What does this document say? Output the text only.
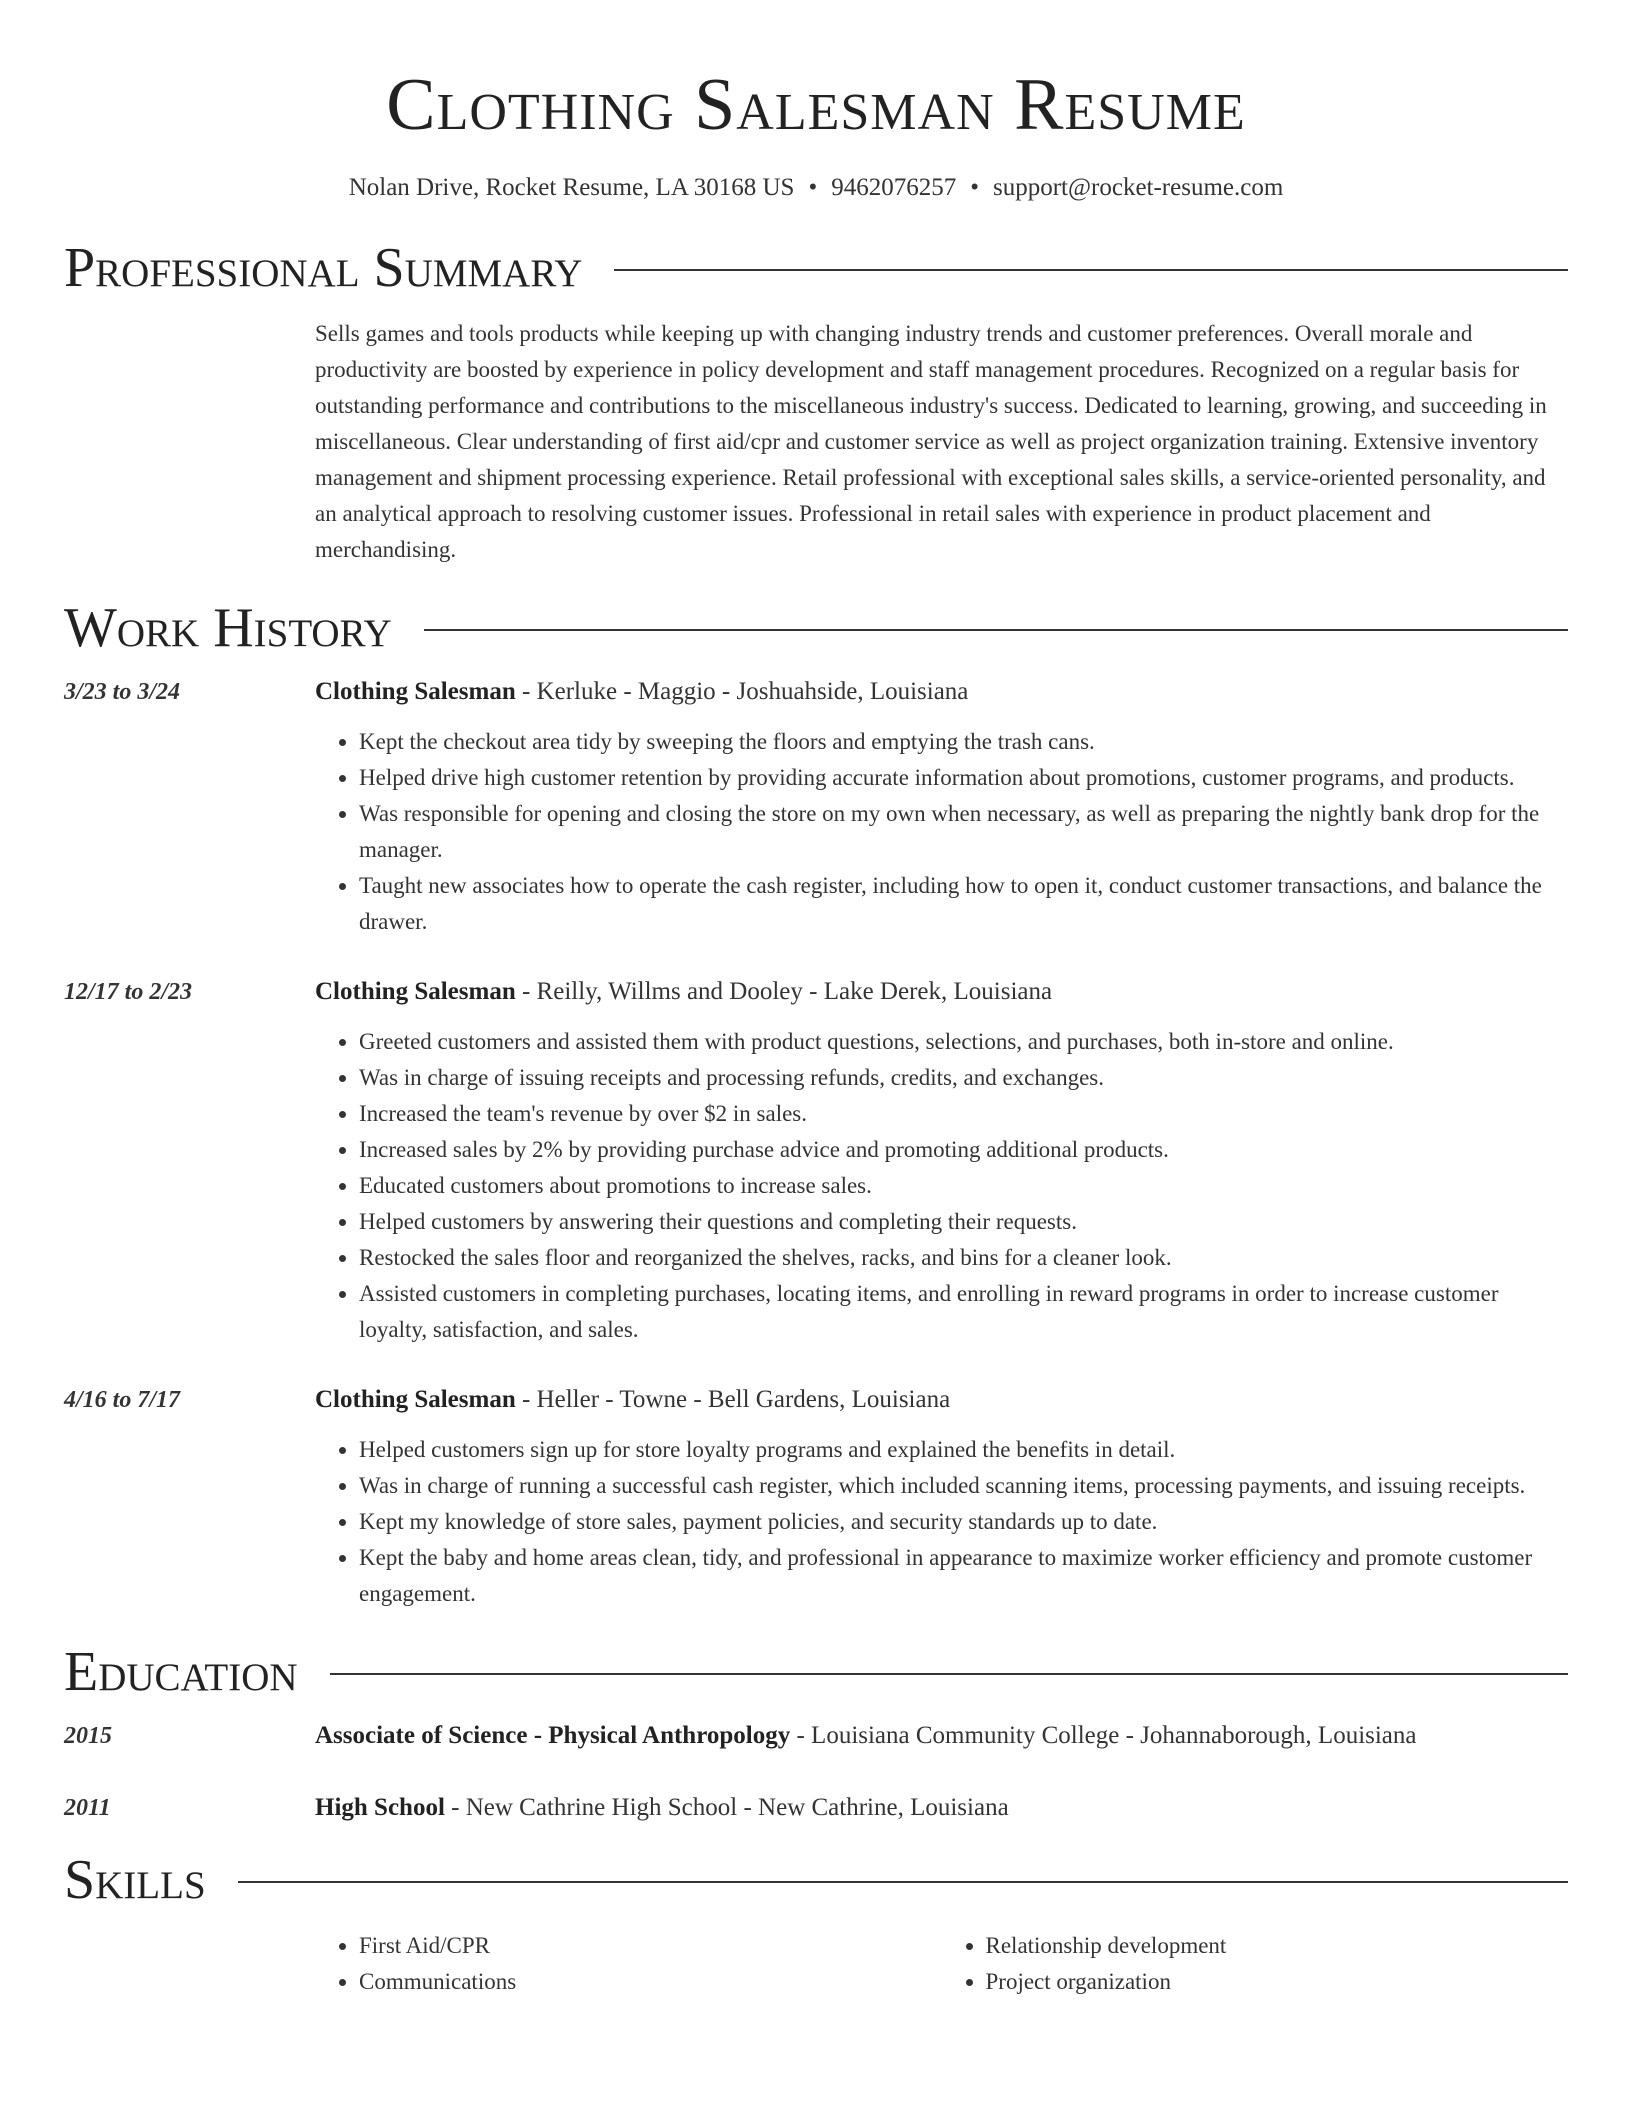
Clothing Salesman Resume
Nolan Drive, Rocket Resume, LA 30168 US • 9462076257 • support@rocket-resume.com
Professional Summary
Sells games and tools products while keeping up with changing industry trends and customer preferences. Overall morale and productivity are boosted by experience in policy development and staff management procedures. Recognized on a regular basis for outstanding performance and contributions to the miscellaneous industry's success. Dedicated to learning, growing, and succeeding in miscellaneous. Clear understanding of first aid/cpr and customer service as well as project organization training. Extensive inventory management and shipment processing experience. Retail professional with exceptional sales skills, a service-oriented personality, and an analytical approach to resolving customer issues. Professional in retail sales with experience in product placement and merchandising.
Work History
3/23 to 3/24	Clothing Salesman - Kerluke - Maggio - Joshuahside, Louisiana
• Kept the checkout area tidy by sweeping the floors and emptying the trash cans.
• Helped drive high customer retention by providing accurate information about promotions, customer programs, and products.
• Was responsible for opening and closing the store on my own when necessary, as well as preparing the nightly bank drop for the manager.
• Taught new associates how to operate the cash register, including how to open it, conduct customer transactions, and balance the drawer.
12/17 to 2/23	Clothing Salesman - Reilly, Willms and Dooley - Lake Derek, Louisiana
• Greeted customers and assisted them with product questions, selections, and purchases, both in-store and online.
• Was in charge of issuing receipts and processing refunds, credits, and exchanges.
• Increased the team's revenue by over $2 in sales.
• Increased sales by 2% by providing purchase advice and promoting additional products.
• Educated customers about promotions to increase sales.
• Helped customers by answering their questions and completing their requests.
• Restocked the sales floor and reorganized the shelves, racks, and bins for a cleaner look.
• Assisted customers in completing purchases, locating items, and enrolling in reward programs in order to increase customer loyalty, satisfaction, and sales.
4/16 to 7/17	Clothing Salesman - Heller - Towne - Bell Gardens, Louisiana
• Helped customers sign up for store loyalty programs and explained the benefits in detail.
• Was in charge of running a successful cash register, which included scanning items, processing payments, and issuing receipts.
• Kept my knowledge of store sales, payment policies, and security standards up to date.
• Kept the baby and home areas clean, tidy, and professional in appearance to maximize worker efficiency and promote customer engagement.
Education
2015	Associate of Science - Physical Anthropology - Louisiana Community College - Johannaborough, Louisiana
2011	High School - New Cathrine High School - New Cathrine, Louisiana
Skills
• First Aid/CPR
• Communications
• Relationship development
• Project organization
